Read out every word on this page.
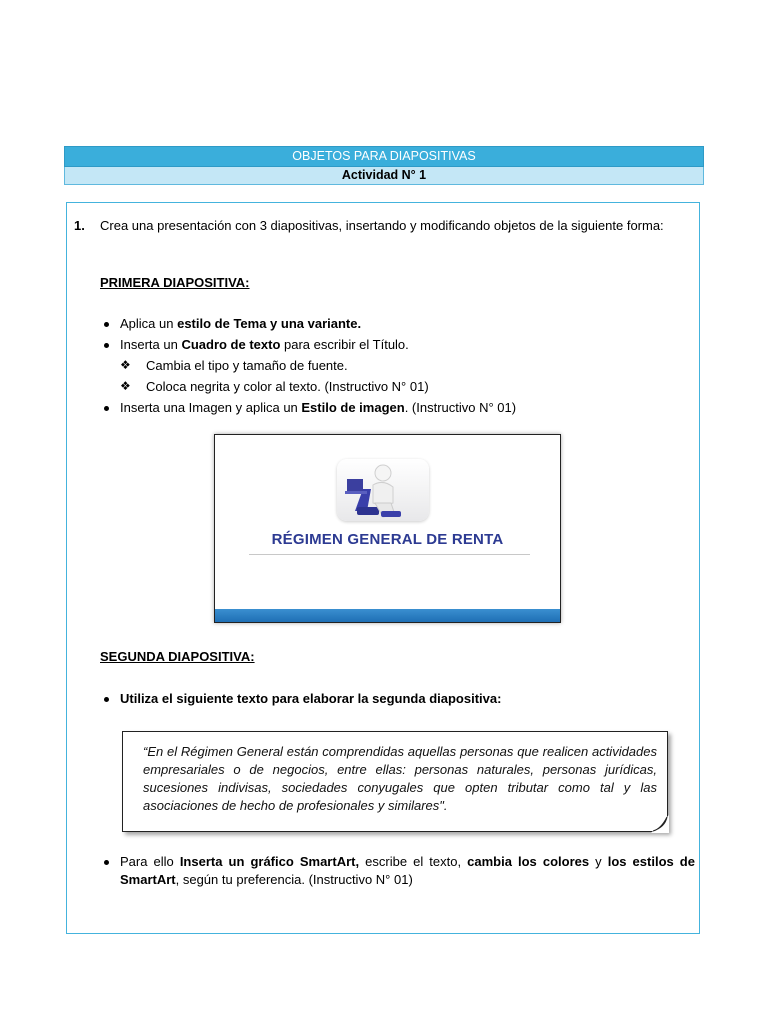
OBJETOS PARA DIAPOSITIVAS
Actividad N° 1
1. Crea una presentación con 3 diapositivas, insertando y modificando objetos de la siguiente forma:
PRIMERA DIAPOSITIVA:
Aplica un estilo de Tema y una variante.
Inserta un Cuadro de texto para escribir el Título.
❖ Cambia el tipo y tamaño de fuente.
❖ Coloca negrita y color al texto. (Instructivo N° 01)
Inserta una Imagen y aplica un Estilo de imagen. (Instructivo N° 01)
RÉGIMEN GENERAL DE RENTA
SEGUNDA DIAPOSITIVA:
Utiliza el siguiente texto para elaborar la segunda diapositiva:
“En el Régimen General están comprendidas aquellas personas que realicen actividades empresariales o de negocios, entre ellas: personas naturales, personas jurídicas, sucesiones indivisas, sociedades conyugales que opten tributar como tal y las asociaciones de hecho de profesionales y similares".
Para ello Inserta un gráfico SmartArt, escribe el texto, cambia los colores y los estilos de SmartArt, según tu preferencia. (Instructivo N° 01)
